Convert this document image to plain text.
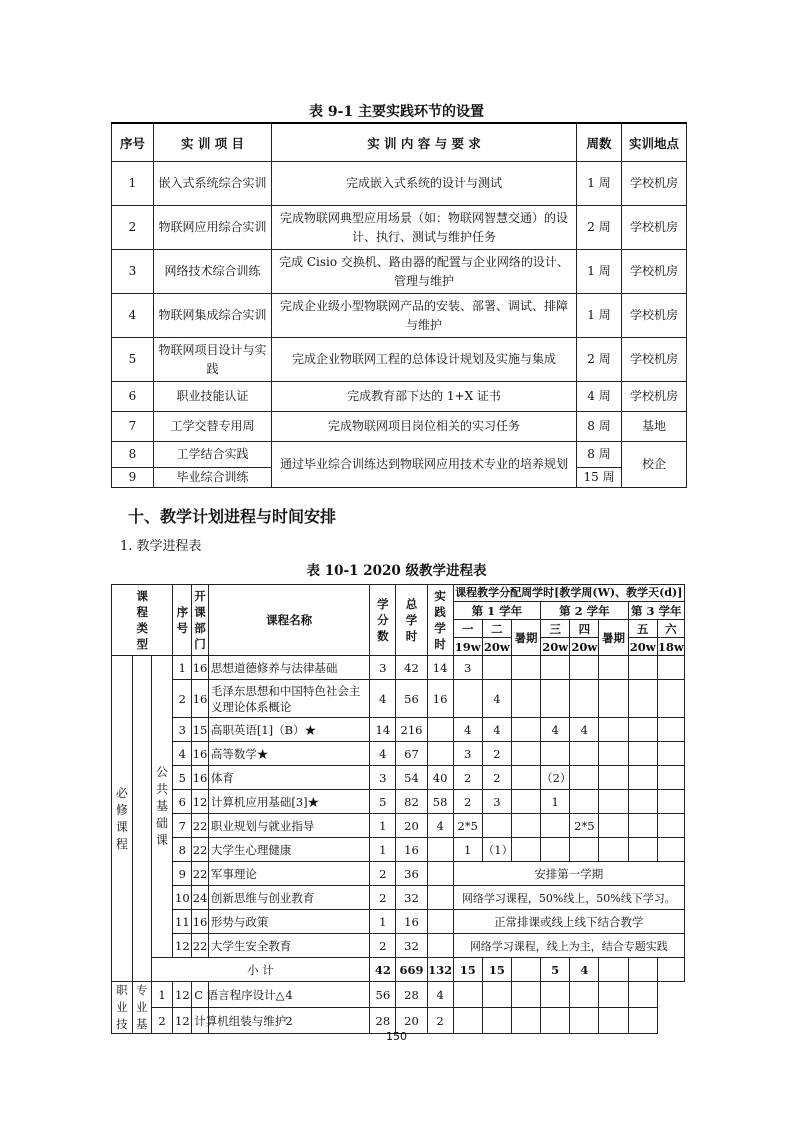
表 9-1 主要实践环节的设置
序号	实 训 项 目	实 训 内 容 与 要 求	周数	实训地点
1	嵌入式系统综合实训	完成嵌入式系统的设计与测试	1 周	学校机房
2	物联网应用综合实训	完成物联网典型应用场景（如：物联网智慧交通）的设计、执行、测试与维护任务	2 周	学校机房
3	网络技术综合训练	完成 Cisio 交换机、路由器的配置与企业网络的设计、管理与维护	1 周	学校机房
4	物联网集成综合实训	完成企业级小型物联网产品的安装、部署、调试、排障与维护	1 周	学校机房
5	物联网项目设计与实践	完成企业物联网工程的总体设计规划及实施与集成	2 周	学校机房
6	职业技能认证	完成教育部下达的 1+X 证书	4 周	学校机房
7	工学交替专用周	完成物联网项目岗位相关的实习任务	8 周	基地
8	工学结合实践	通过毕业综合训练达到物联网应用技术专业的培养规划	8 周	校企
9	毕业综合训练		15 周	
十、教学计划进程与时间安排
1. 教学进程表
表 10-1 2020 级教学进程表
课程类型			序号	开课部门	课程名称	学分数	总学时	实践学时	课程教学分配周学时[教学周(W)、教学天(d)]							
									第 1 学年			第 2 学年			第 3 学年	
									一	二	暑期	三	四	暑期	五	六
									19w	20w		20w	20w		20w	18w
必修课程		公共基础课	1	16	思想道德修养与法律基础	3	42	14	3							
			2	16	毛泽东思想和中国特色社会主义理论体系概论	4	56	16		4						
			3	15	高职英语[1]（B）★	14	216		4	4		4	4			
			4	16	高等数学★	4	67		3	2						
			5	16	体育	3	54	40	2	2		（2）				
			6	12	计算机应用基础[3]★	5	82	58	2	3		1				
			7	22	职业规划与就业指导	1	20	4	2*5				2*5			
			8	22	大学生心理健康	1	16		1	（1）						
			9	22	军事理论	2	36		安排第一学期							
			10	24	创新思维与创业教育	2	32		网络学习课程，50%线上，50%线下学习。							
			11	16	形势与政策	1	16		正常排课或线上线下结合教学							
			12	22	大学生安全教育	2	32		网络学习课程，线上为主，结合专题实践							
		小 计				42	669	132	15	15		5	4			
职业技	专业基	1	12	C 语言程序设计△	4	56	28	4								
		2	12	计算机组装与维护	2	28	20	2								
150
